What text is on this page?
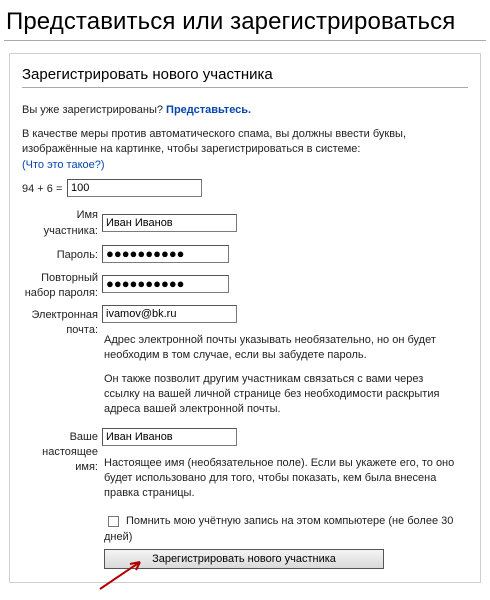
Представиться или зарегистрироваться
Зарегистрировать нового участника
Вы уже зарегистрированы? Представьтесь.
В качестве меры против автоматического спама, вы должны ввести буквы,
изображённые на картинке, чтобы зарегистрироваться в системе:
(Что это такое?)
94 + 6 = 100
Имя
участника:
Иван Иванов
Пароль: ●●●●●●●●●●
Повторный
набор пароля:
●●●●●●●●●●
Электронная
почта:
ivamov@bk.ru
Адрес электронной почты указывать необязательно, но он будет
необходим в том случае, если вы забудете пароль.
Он также позволит другим участникам связаться с вами через
ссылку на вашей личной странице без необходимости раскрытия
адреса вашей электронной почты.
Ваше
настоящее
имя:
Иван Иванов
Настоящее имя (необязательное поле). Если вы укажете его, то оно
будет использовано для того, чтобы показать, кем была внесена
правка страницы.
Помнить мою учётную запись на этом компьютере (не более 30
дней)
Зарегистрировать нового участника
